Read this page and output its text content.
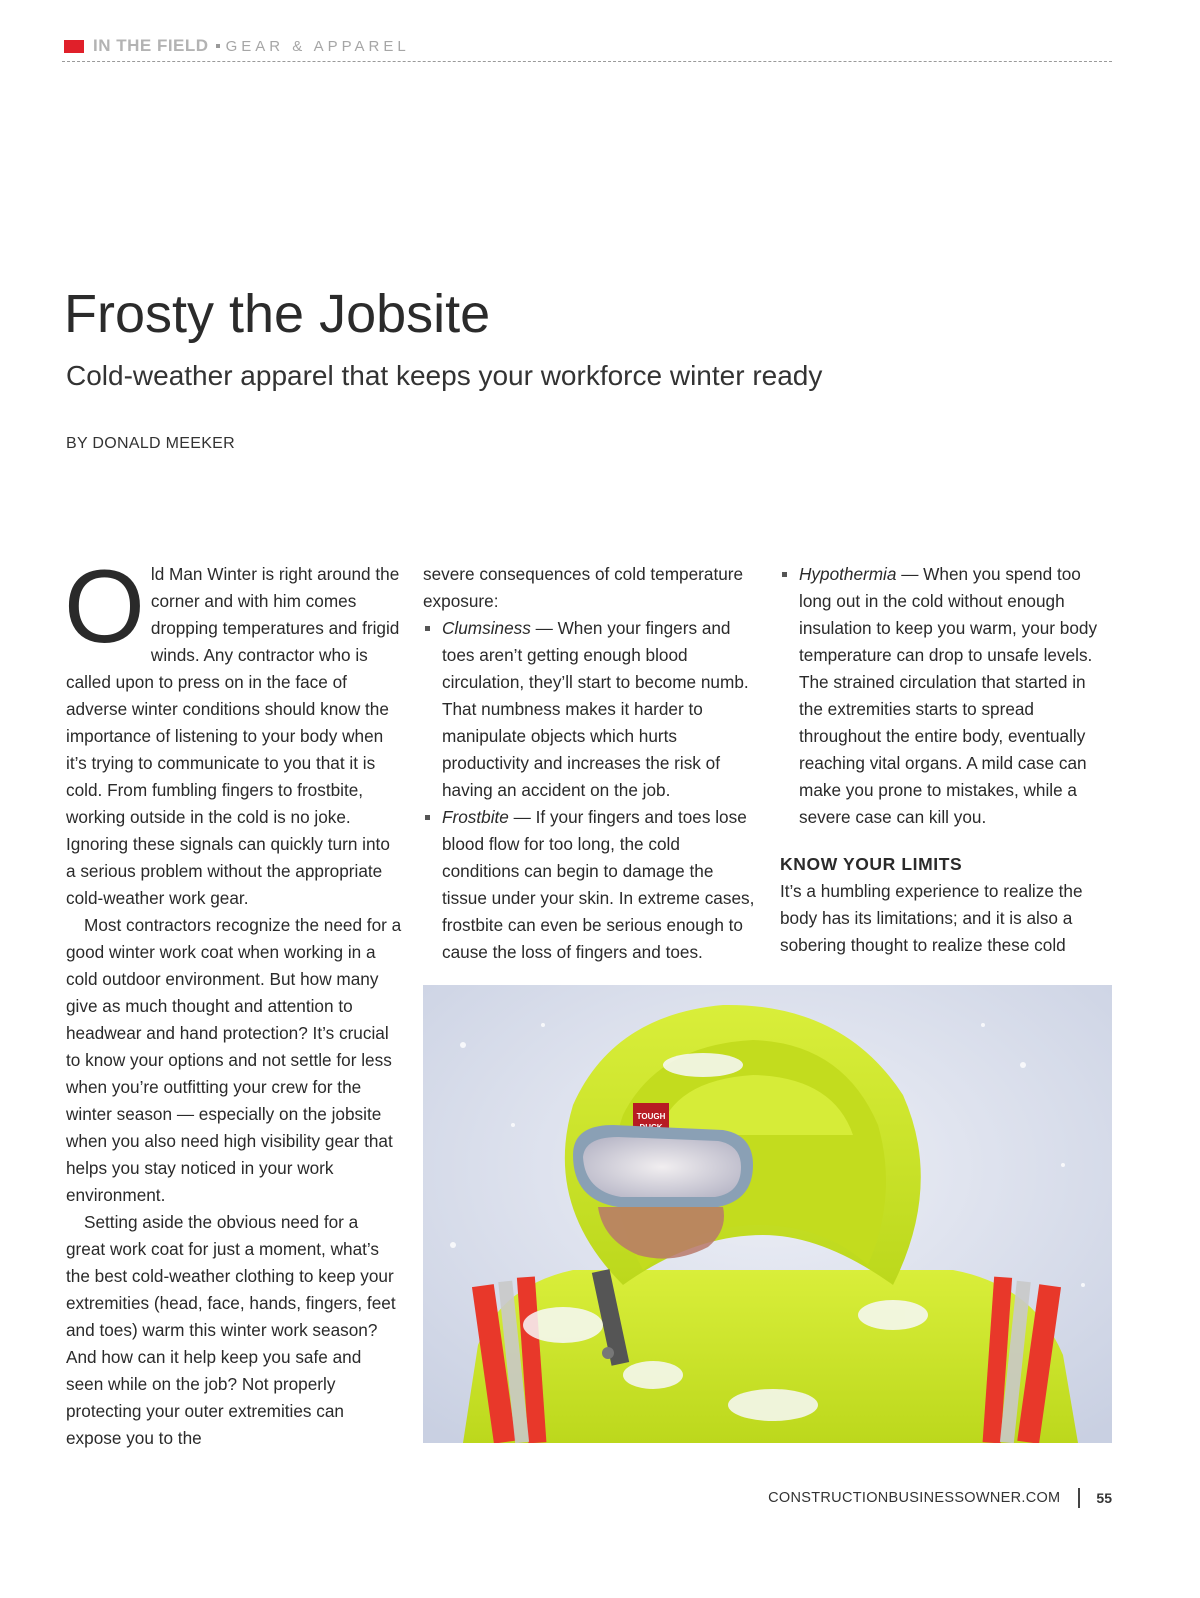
IN THE FIELD GEAR & APPAREL
Frosty the Jobsite
Cold-weather apparel that keeps your workforce winter ready
BY DONALD MEEKER

Old Man Winter is right around the corner and with him comes dropping temperatures and frigid winds. Any contractor who is called upon to press on in the face of adverse winter conditions should know the importance of listening to your body when it’s trying to communicate to you that it is cold. From fumbling fingers to frostbite, working outside in the cold is no joke. Ignoring these signals can quickly turn into a serious problem without the appropriate cold-weather work gear.

Most contractors recognize the need for a good winter work coat when working in a cold outdoor environment. But how many give as much thought and attention to headwear and hand protection? It’s crucial to know your options and not settle for less when you’re outfitting your crew for the winter season — especially on the jobsite when you also need high visibility gear that helps you stay noticed in your work environment.

Setting aside the obvious need for a great work coat for just a moment, what’s the best cold-weather clothing to keep your extremities (head, face, hands, fingers, feet and toes) warm this winter work season? And how can it help keep you safe and seen while on the job? Not properly protecting your outer extremities can expose you to the

severe consequences of cold temperature exposure:

Clumsiness — When your fingers and toes aren’t getting enough blood circulation, they’ll start to become numb. That numbness makes it harder to manipulate objects which hurts productivity and increases the risk of having an accident on the job.
Frostbite — If your fingers and toes lose blood flow for too long, the cold conditions can begin to damage the tissue under your skin. In extreme cases, frostbite can even be serious enough to cause the loss of fingers and toes.
Hypothermia — When you spend too long out in the cold without enough insulation to keep you warm, your body temperature can drop to unsafe levels. The strained circulation that started in the extremities starts to spread throughout the entire body, eventually reaching vital organs. A mild case can make you prone to mistakes, while a severe case can kill you.

KNOW YOUR LIMITS

It’s a humbling experience to realize the body has its limitations; and it is also a sobering thought to realize these cold

TOUGH
CONSTRUCTIONBUSINESSOWNER.COM	55
